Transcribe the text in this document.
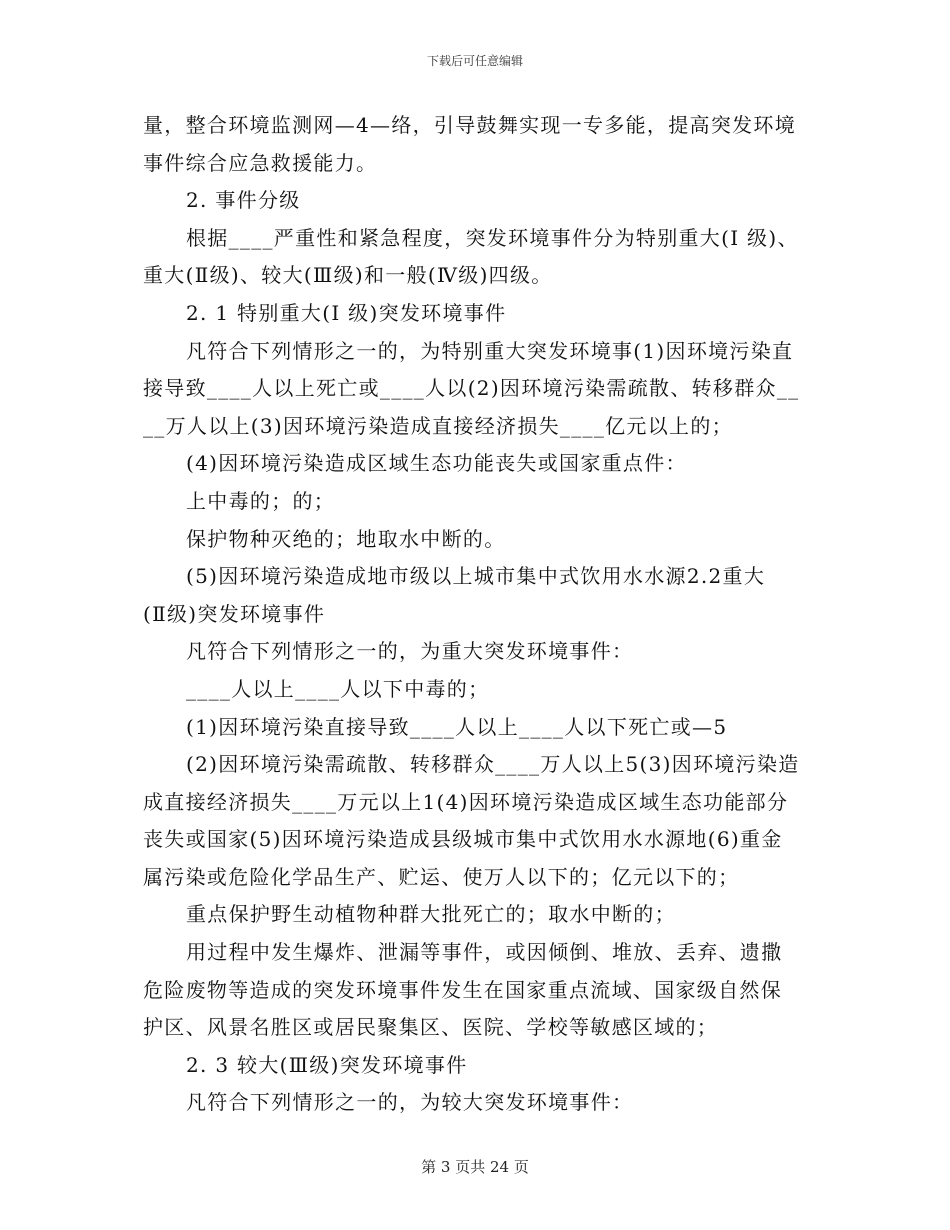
下载后可任意编辑
量，整合环境监测网—4—络，引导鼓舞实现一专多能，提高突发环境
事件综合应急救援能力。
2. 事件分级
根据____严重性和紧急程度，突发环境事件分为特别重大(Ⅰ 级)、
重大(Ⅱ级)、较大(Ⅲ级)和一般(Ⅳ级)四级。
2. 1 特别重大(Ⅰ 级)突发环境事件
凡符合下列情形之一的，为特别重大突发环境事(1)因环境污染直
接导致____人以上死亡或____人以(2)因环境污染需疏散、转移群众__
__万人以上(3)因环境污染造成直接经济损失____亿元以上的；
(4)因环境污染造成区域生态功能丧失或国家重点件：
上中毒的；的；
保护物种灭绝的；地取水中断的。
(5)因环境污染造成地市级以上城市集中式饮用水水源2.2重大
(Ⅱ级)突发环境事件
凡符合下列情形之一的，为重大突发环境事件：
____人以上____人以下中毒的；
(1)因环境污染直接导致____人以上____人以下死亡或—5
(2)因环境污染需疏散、转移群众____万人以上5(3)因环境污染造
成直接经济损失____万元以上1(4)因环境污染造成区域生态功能部分
丧失或国家(5)因环境污染造成县级城市集中式饮用水水源地(6)重金
属污染或危险化学品生产、贮运、使万人以下的；亿元以下的；
重点保护野生动植物种群大批死亡的；取水中断的；
用过程中发生爆炸、泄漏等事件，或因倾倒、堆放、丢弃、遗撒
危险废物等造成的突发环境事件发生在国家重点流域、国家级自然保
护区、风景名胜区或居民聚集区、医院、学校等敏感区域的；
2. 3 较大(Ⅲ级)突发环境事件
凡符合下列情形之一的，为较大突发环境事件：
第 3 页共 24 页
